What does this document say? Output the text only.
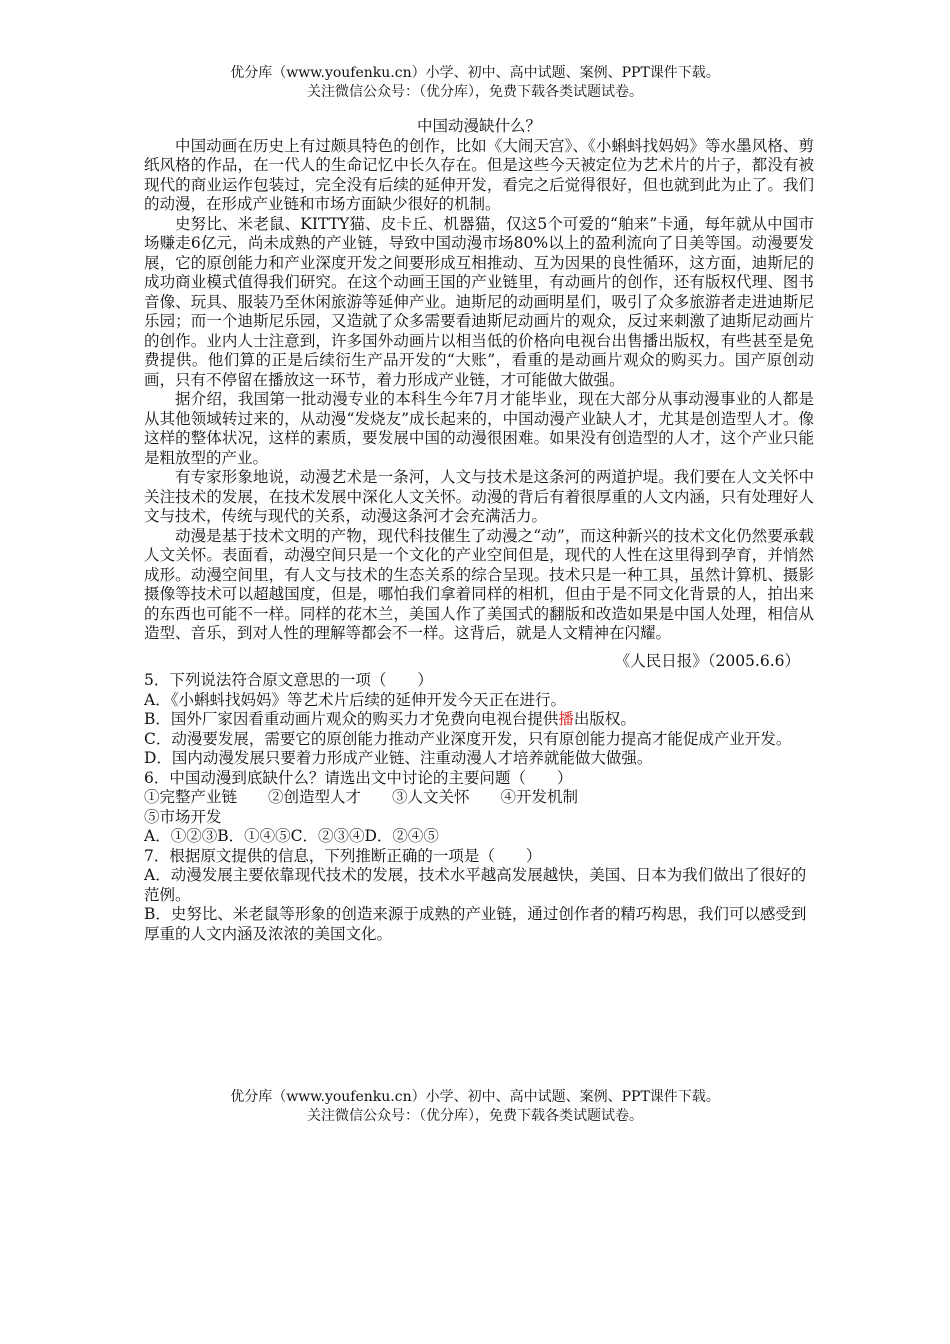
优分库（www.youfenku.cn）小学、初中、高中试题、案例、PPT课件下载。
关注微信公众号：（优分库），免费下载各类试题试卷。
中国动漫缺什么？

中国动画在历史上有过颇具特色的创作，比如《大闹天宫》、《小蝌蚪找妈妈》等水墨风格、剪纸风格的作品，在一代人的生命记忆中长久存在。但是这些今天被定位为艺术片的片子，都没有被现代的商业运作包装过，完全没有后续的延伸开发，看完之后觉得很好，但也就到此为止了。我们的动漫，在形成产业链和市场方面缺少很好的机制。

史努比、米老鼠、KITTY猫、皮卡丘、机器猫，仅这5个可爱的“舶来”卡通，每年就从中国市场赚走6亿元，尚未成熟的产业链，导致中国动漫市场80%以上的盈利流向了日美等国。动漫要发展，它的原创能力和产业深度开发之间要形成互相推动、互为因果的良性循环，这方面，迪斯尼的成功商业模式值得我们研究。在这个动画王国的产业链里，有动画片的创作，还有版权代理、图书音像、玩具、服装乃至休闲旅游等延伸产业。迪斯尼的动画明星们，吸引了众多旅游者走进迪斯尼乐园；而一个迪斯尼乐园，又造就了众多需要看迪斯尼动画片的观众，反过来刺激了迪斯尼动画片的创作。业内人士注意到，许多国外动画片以相当低的价格向电视台出售播出版权，有些甚至是免费提供。他们算的正是后续衍生产品开发的“大账”，看重的是动画片观众的购买力。国产原创动画，只有不停留在播放这一环节，着力形成产业链，才可能做大做强。

据介绍，我国第一批动漫专业的本科生今年7月才能毕业，现在大部分从事动漫事业的人都是从其他领域转过来的，从动漫“发烧友”成长起来的，中国动漫产业缺人才，尤其是创造型人才。像这样的整体状况，这样的素质，要发展中国的动漫很困难。如果没有创造型的人才，这个产业只能是粗放型的产业。

有专家形象地说，动漫艺术是一条河，人文与技术是这条河的两道护堤。我们要在人文关怀中关注技术的发展，在技术发展中深化人文关怀。动漫的背后有着很厚重的人文内涵，只有处理好人文与技术，传统与现代的关系，动漫这条河才会充满活力。

动漫是基于技术文明的产物，现代科技催生了动漫之“动”，而这种新兴的技术文化仍然要承载人文关怀。表面看，动漫空间只是一个文化的产业空间但是，现代的人性在这里得到孕育，并悄然成形。动漫空间里，有人文与技术的生态关系的综合呈现。技术只是一种工具，虽然计算机、摄影摄像等技术可以超越国度，但是，哪怕我们拿着同样的相机，但由于是不同文化背景的人，拍出来的东西也可能不一样。同样的花木兰，美国人作了美国式的翻版和改造如果是中国人处理，相信从造型、音乐，到对人性的理解等都会不一样。这背后，就是人文精神在闪耀。

《人民日报》（2005.6.6）

5．下列说法符合原文意思的一项（　　）

A．《小蝌蚪找妈妈》等艺术片后续的延伸开发今天正在进行。

B．国外厂家因看重动画片观众的购买力才免费向电视台提供播出版权。

C．动漫要发展，需要它的原创能力推动产业深度开发，只有原创能力提高才能促成产业开发。

D．国内动漫发展只要着力形成产业链、注重动漫人才培养就能做大做强。

6．中国动漫到底缺什么？请选出文中讨论的主要问题（　　）

①完整产业链　　②创造型人才　　③人文关怀　　④开发机制

⑤市场开发

A．①②③B．①④⑤C．②③④D．②④⑤

7．根据原文提供的信息，下列推断正确的一项是（　　）

A．动漫发展主要依靠现代技术的发展，技术水平越高发展越快，美国、日本为我们做出了很好的范例。

B．史努比、米老鼠等形象的创造来源于成熟的产业链，通过创作者的精巧构思，我们可以感受到厚重的人文内涵及浓浓的美国文化。

优分库（www.youfenku.cn）小学、初中、高中试题、案例、PPT课件下载。
关注微信公众号：（优分库），免费下载各类试题试卷。
